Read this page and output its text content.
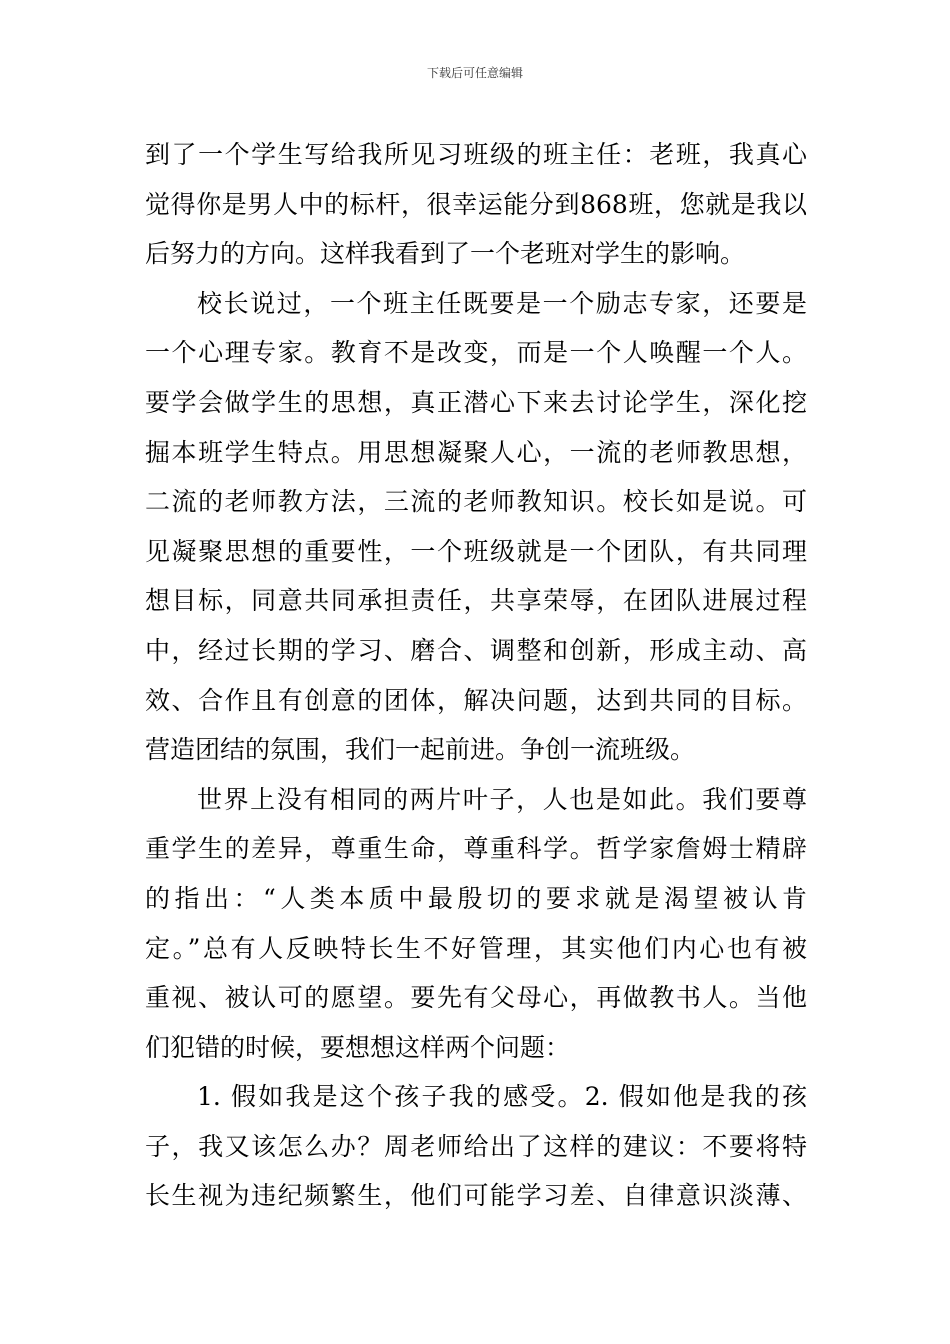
下载后可任意编辑
到了一个学生写给我所见习班级的班主任：老班，我真心
觉得你是男人中的标杆，很幸运能分到868班，您就是我以
后努力的方向。这样我看到了一个老班对学生的影响。
校长说过，一个班主任既要是一个励志专家，还要是
一个心理专家。教育不是改变，而是一个人唤醒一个人。
要学会做学生的思想，真正潜心下来去讨论学生，深化挖
掘本班学生特点。用思想凝聚人心，一流的老师教思想，
二流的老师教方法，三流的老师教知识。校长如是说。可
见凝聚思想的重要性，一个班级就是一个团队，有共同理
想目标，同意共同承担责任，共享荣辱，在团队进展过程
中，经过长期的学习、磨合、调整和创新，形成主动、高
效、合作且有创意的团体，解决问题，达到共同的目标。
营造团结的氛围，我们一起前进。争创一流班级。
世界上没有相同的两片叶子，人也是如此。我们要尊
重学生的差异，尊重生命，尊重科学。哲学家詹姆士精辟
的指出：“人类本质中最殷切的要求就是渴望被认肯
定。”总有人反映特长生不好管理，其实他们内心也有被
重视、被认可的愿望。要先有父母心，再做教书人。当他
们犯错的时候，要想想这样两个问题：
1. 假如我是这个孩子我的感受。2. 假如他是我的孩
子，我又该怎么办？周老师给出了这样的建议：不要将特
长生视为违纪频繁生，他们可能学习差、自律意识淡薄、
